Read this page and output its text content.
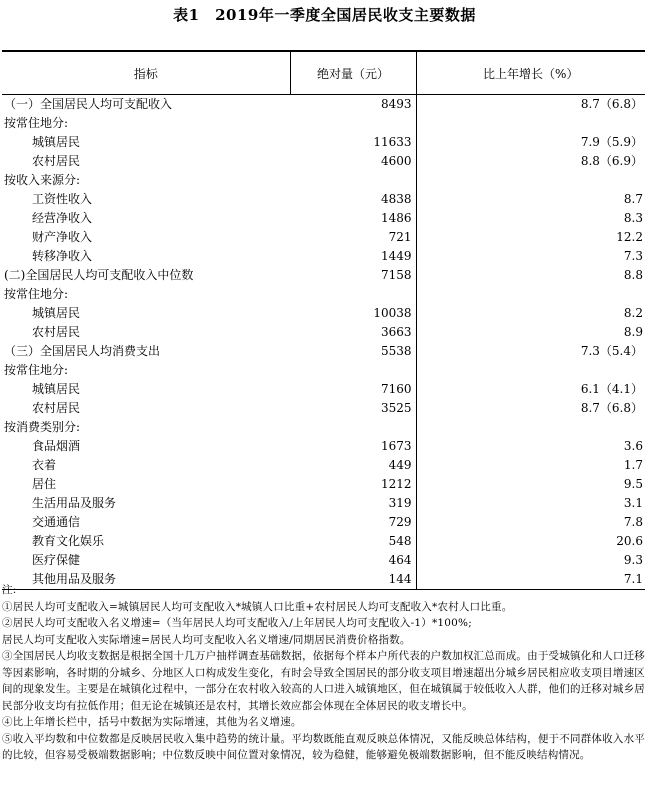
表1　2019年一季度全国居民收支主要数据
指标	绝对量（元）	比上年增长（%）
（一）全国居民人均可支配收入	8493	8.7（6.8）
按常住地分:		
城镇居民	11633	7.9（5.9）
农村居民	4600	8.8（6.9）
按收入来源分:		
工资性收入	4838	8.7
经营净收入	1486	8.3
财产净收入	721	12.2
转移净收入	1449	7.3
(二)全国居民人均可支配收入中位数	7158	8.8
按常住地分:		
城镇居民	10038	8.2
农村居民	3663	8.9
（三）全国居民人均消费支出	5538	7.3（5.4）
按常住地分:		
城镇居民	7160	6.1（4.1）
农村居民	3525	8.7（6.8）
按消费类别分:		
食品烟酒	1673	3.6
衣着	449	1.7
居住	1212	9.5
生活用品及服务	319	3.1
交通通信	729	7.8
教育文化娱乐	548	20.6
医疗保健	464	9.3
其他用品及服务	144	7.1

注:

①居民人均可支配收入=城镇居民人均可支配收入*城镇人口比重+农村居民人均可支配收入*农村人口比重。

②居民人均可支配收入名义增速=（当年居民人均可支配收入/上年居民人均可支配收入-1）*100%;

居民人均可支配收入实际增速=居民人均可支配收入名义增速/同期居民消费价格指数。

③全国居民人均收支数据是根据全国十几万户抽样调查基础数据，依据每个样本户所代表的户数加权汇总而成。由于受城镇化和人口迁移等因素影响，各时期的分城乡、分地区人口构成发生变化，有时会导致全国居民的部分收支项目增速超出分城乡居民相应收支项目增速区间的现象发生。主要是在城镇化过程中，一部分在农村收入较高的人口进入城镇地区，但在城镇属于较低收入人群，他们的迁移对城乡居民部分收支均有拉低作用；但无论在城镇还是农村，其增长效应都会体现在全体居民的收支增长中。

④比上年增长栏中，括号中数据为实际增速，其他为名义增速。

⑤收入平均数和中位数都是反映居民收入集中趋势的统计量。平均数既能直观反映总体情况，又能反映总体结构，便于不同群体收入水平的比较，但容易受极端数据影响；中位数反映中间位置对象情况，较为稳健，能够避免极端数据影响，但不能反映结构情况。
